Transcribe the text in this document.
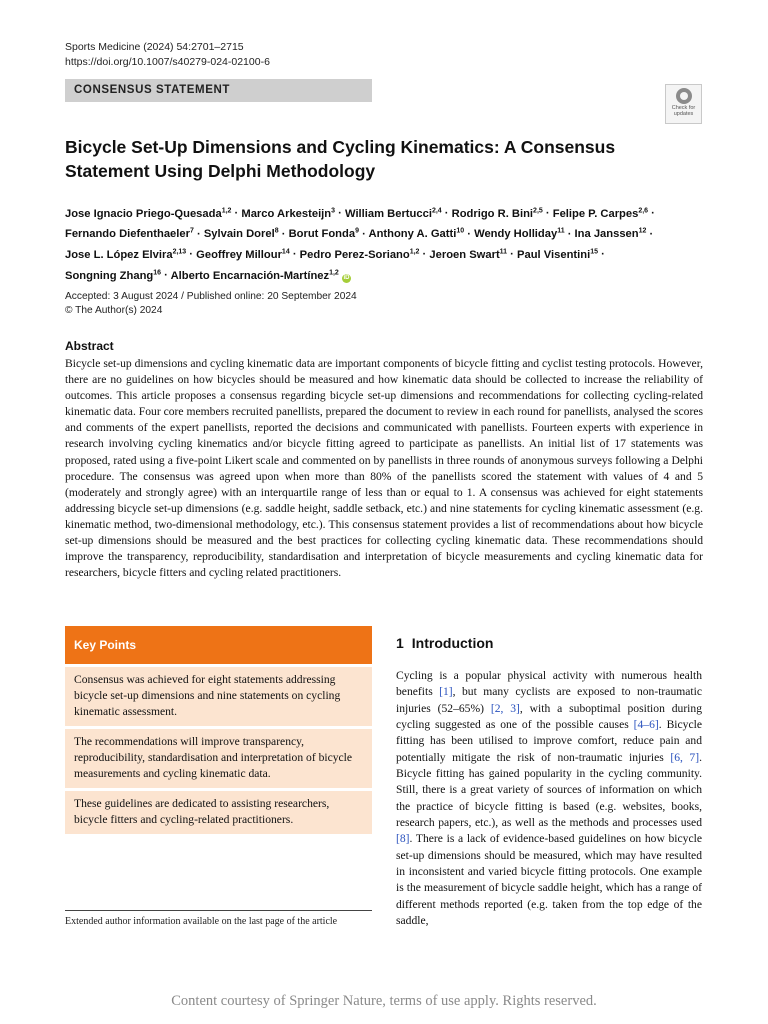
Sports Medicine (2024) 54:2701–2715
https://doi.org/10.1007/s40279-024-02100-6
CONSENSUS STATEMENT
Check for
updates
Bicycle Set-Up Dimensions and Cycling Kinematics: A Consensus
Statement Using Delphi Methodology
Jose Ignacio Priego-Quesada$^{1,2}$ · Marco Arkesteijn$^3$ · William Bertucci$^{2,4}$ · Rodrigo R. Bini$^{2,5}$ · Felipe P. Carpes$^{2,6}$ ·
Fernando Diefenthaeler$^7$ · Sylvain Dorel$^8$ · Borut Fonda$^9$ · Anthony A. Gatti$^{10}$ · Wendy Holliday$^{11}$ · Ina Janssen$^{12}$ ·
Jose L. López Elvira$^{2,13}$ · Geoffrey Millour$^{14}$ · Pedro Perez-Soriano$^{1,2}$ · Jeroen Swart$^{11}$ · Paul Visentini$^{15}$ ·
Songning Zhang$^{16}$ · Alberto Encarnación-Martínez$^{1,2}$ iD
Accepted: 3 August 2024 / Published online: 20 September 2024
© The Author(s) 2024
Abstract
Bicycle set-up dimensions and cycling kinematic data are important components of bicycle fitting and cyclist testing protocols. However, there are no guidelines on how bicycles should be measured and how kinematic data should be collected to increase the reliability of outcomes. This article proposes a consensus regarding bicycle set-up dimensions and recommendations for collecting cycling-related kinematic data. Four core members recruited panellists, prepared the document to review in each round for panellists, analysed the scores and comments of the expert panellists, reported the decisions and communicated with panellists. Fourteen experts with experience in research involving cycling kinematics and/or bicycle fitting agreed to participate as panellists. An initial list of 17 statements was proposed, rated using a five-point Likert scale and commented on by panellists in three rounds of anonymous surveys following a Delphi procedure. The consensus was agreed upon when more than 80% of the panellists scored the statement with values of 4 and 5 (moderately and strongly agree) with an interquartile range of less than or equal to 1. A consensus was achieved for eight statements addressing bicycle set-up dimensions (e.g. saddle height, saddle setback, etc.) and nine statements for cycling kinematic assessment (e.g. kinematic method, two-dimensional methodology, etc.). This consensus statement provides a list of recommendations about how bicycle set-up dimensions should be measured and the best practices for collecting cycling kinematic data. These recommendations should improve the transparency, reproducibility, standardisation and interpretation of bicycle measurements and cycling kinematic data for researchers, bicycle fitters and cycling related practitioners.
Key Points
Consensus was achieved for eight statements addressing bicycle set-up dimensions and nine statements on cycling kinematic assessment.
The recommendations will improve transparency, reproducibility, standardisation and interpretation of bicycle measurements and cycling kinematic data.
These guidelines are dedicated to assisting researchers, bicycle fitters and cycling-related practitioners.
Extended author information available on the last page of the article
1 Introduction
Cycling is a popular physical activity with numerous health benefits [1], but many cyclists are exposed to non-traumatic injuries (52–65%) [2, 3], with a suboptimal position during cycling suggested as one of the possible causes [4–6]. Bicycle fitting has been utilised to improve comfort, reduce pain and potentially mitigate the risk of non-traumatic injuries [6, 7]. Bicycle fitting has gained popularity in the cycling community. Still, there is a great variety of sources of information on which the practice of bicycle fitting is based (e.g. websites, books, research papers, etc.), as well as the methods and processes used [8]. There is a lack of evidence-based guidelines on how bicycle set-up dimensions should be measured, which may have resulted in inconsistent and varied bicycle fitting protocols. One example is the measurement of bicycle saddle height, which has a range of different methods reported (e.g. taken from the top edge of the saddle,
Content courtesy of Springer Nature, terms of use apply. Rights reserved.
